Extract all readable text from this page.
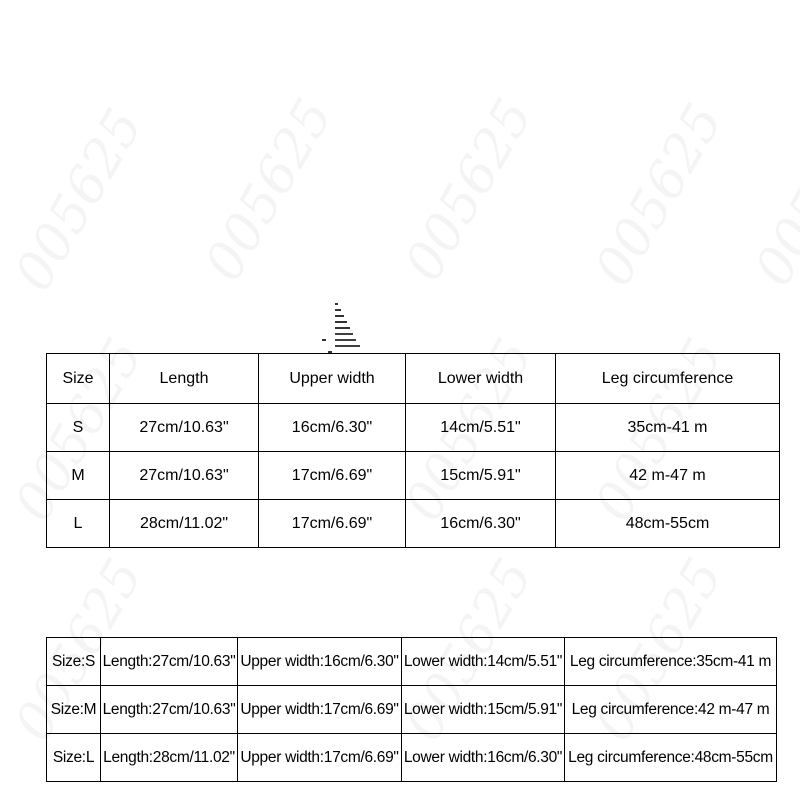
Size	Length	Upper width	Lower width	Leg circumference
S	27cm/10.63"	16cm/6.30"	14cm/5.51"	35cm-41 m
M	27cm/10.63"	17cm/6.69"	15cm/5.91"	42 m-47 m
L	28cm/11.02"	17cm/6.69"	16cm/6.30"	48cm-55cm
Size:S	Length:27cm/10.63"	Upper width:16cm/6.30"	Lower width:14cm/5.51"	Leg circumference:35cm-41 m
Size:M	Length:27cm/10.63"	Upper width:17cm/6.69"	Lower width:15cm/5.91"	Leg circumference:42 m-47 m
Size:L	Length:28cm/11.02"	Upper width:17cm/6.69"	Lower width:16cm/6.30"	Leg circumference:48cm-55cm
